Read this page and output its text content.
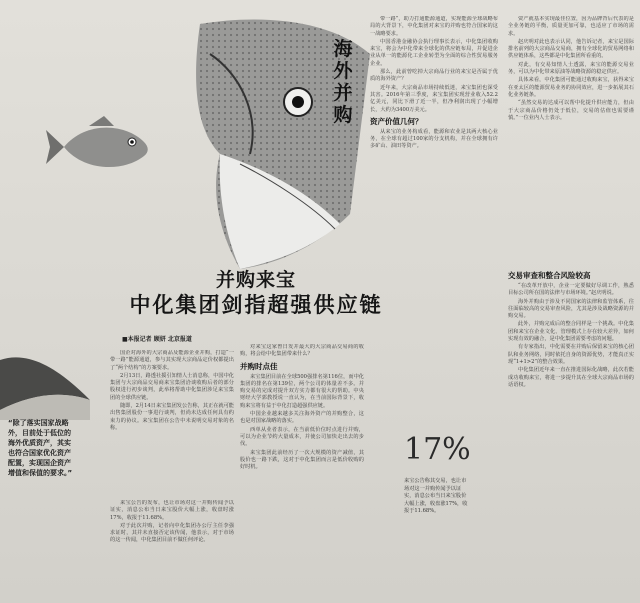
海外并购
并购来宝
中化集团剑指超强供应链
■本报记者 顾妍 北京报道
“除了落实国家战略外，目前处于低位的海外优质资产，其实也符合国家优化资产配置，实现国企资产增值和保值的要求。”

国企对海外的大宗商品及能源企业并购，打造“一带一路”能源通道，参与其实现大宗商品定价权都提出了“两个结构”的方案要求。

2月13日，路透社援引知情人士消息称，中国中化集团与大宗商品交易商来宝集团洽谈收购后者的部分股权进行初步谈判，此举将帮助中化集团涉足来宝集团的全球供应链。

随即，2月14日来宝集团发公告称，其正在就可能出售集团股份一事进行谈判，但尚未达成任何具有约束力的协议。来宝集团在公告中未说明交易对象的名称。

来宝公告的发布，也让市场对这一并购传闻予以证实，消息公布当日来宝股价大幅上涨，收盘时涨17%，收报于11.68%。

对于此次并购，记者向中化集团办公厅主任李强求证时，其并未直接否定该传闻，他表示，对于市场的这一传闻，中化集团目前不做任何评论。

对来宝这家曾日发并最大的大宗商品交易商的收购，将会给中化集团带来什么？

并购时点佳

来宝集团目前在全球500强排名第116位，而中化集团的排名在第139位，两个公司的体量差不多。并购交易的完成对提升双方实力都有很大的帮助。中央财经大学郭教授说一直认为，在当前国际背景下，收购来宝将有益于中化打造超强供应链。

中国企业越来越多关注海外资产的并购整合，这也是对国家战略的落实。

西单从业者表示，在当前低价位时点进行并购，可以为企业节约大量成本，并使公司加快走出去的步伐。

来宝集团此前经历了一次大规模的资产减值，其股价也一路下跌，这对于中化集团而言是低价收购的好时机。

带一路”，助力打通能源通道，实现能源全球战略布局的大背景下，中化集团对来宝的并购也符合国家的这一战略要求。

中国香港金融协会执行理事长表示，中化集团收购来宝，将会为中化带来全球化的供应链布局，并促进企业从单一的能源化工企业转型为全面的综合性贸易服务企业。

那么，此前曾吃掉大宗商品行业的来宝是否属于优质的海外资产？

近年来，大宗商品市场持续低迷，来宝集团也深受其害。2016年第三季度，来宝集团实现营业收入52.2亿美元，同比下滑了近一半，但净利润出现了小幅增长，大约为3400万美元。

资产价值几何？

从来宝的业务构成看，能源和农业是其两大核心业务，在全球有超过100家的分支机构，并在全球拥有许多矿山、油田等资产。

17%
来宝公告称其交易，也让市场对这一并购传闻予以证实，消息公布当日来宝股价大幅上涨，收盘涨17%，收报于11.68%。

资产就基本实现最佳位置，因为品牌背后代表的是全业务链的平衡，质量更加可靠，也适应了市场的需求。

赵庆明对此也表示认同，他告诉记者，来宝是国际排名前列的大宗商品交易商，拥有全球化的贸易网络和供应链体系，这些都是中化集团所看重的。

对此，有交易知情人士透露，来宝的能源交易业务，可以为中化带来原油等战略资源的稳定供应。

具体来看，中化集团可能通过收购来宝，获得来宝在亚太区的能源贸易业务的协同效应，进一步拓展其石化业务链条。

“虽然交易的达成可以帮中化提升供应能力，但由于大宗商品价格仍处于低位，交易的估值也需要谨慎。”一位业内人士表示。

交易审查和整合风险较高

“在改革开放中，企业一定要做好尽调工作，熟悉目标公司所在国的法律与市场环境。”赵庆明说。

海外并购由于涉及不同国家的法律和监管体系，往往面临较高的交易审查风险，尤其是涉及战略资源的并购交易。

此外，并购完成后的整合同样是一个挑战。中化集团和来宝在企业文化、管理模式上存在较大差异，如何实现有效的融合，是中化集团需要考虑的问题。

有专家指出，中化需要在并购后保留来宝的核心团队和业务网络，同时依托自身的资源优势，才能真正实现“1+1>2”的整合效果。

中化集团近年来一直在推进国际化战略，此次若能成功收购来宝，将进一步提升其在全球大宗商品市场的话语权。
